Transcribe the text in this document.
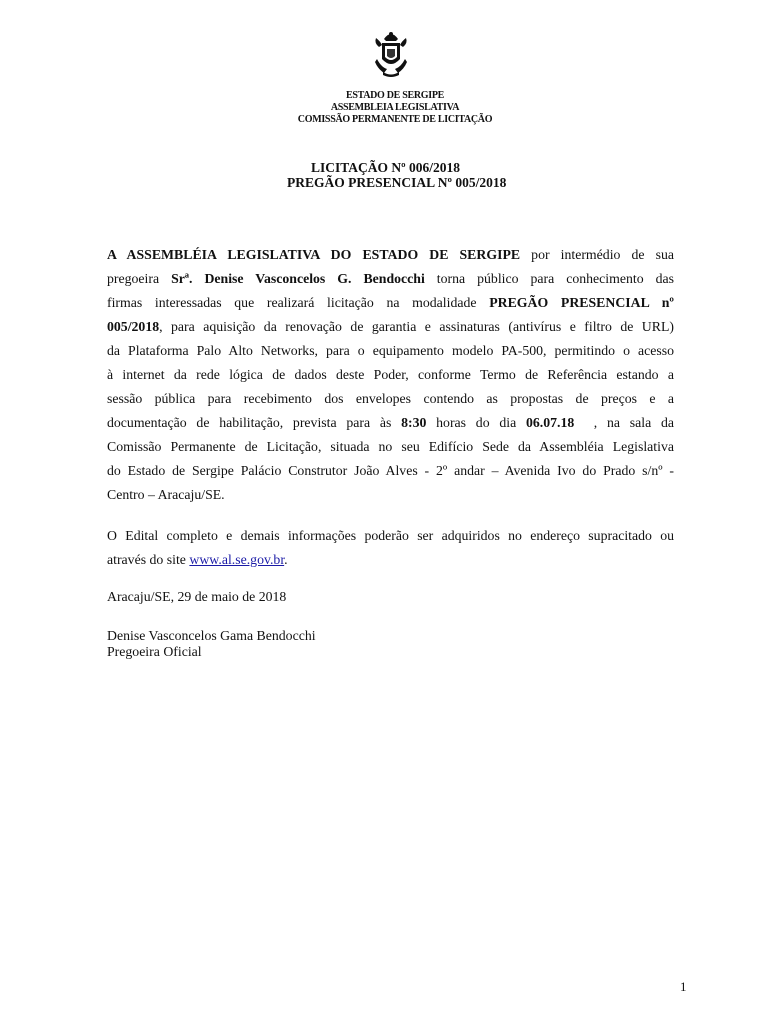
ESTADO DE SERGIPE
ASSEMBLEIA LEGISLATIVA
COMISSÃO PERMANENTE DE LICITAÇÃO
LICITAÇÃO Nº 006/2018
PREGÃO PRESENCIAL Nº 005/2018
A ASSEMBLÉIA LEGISLATIVA DO ESTADO DE SERGIPE por intermédio de sua
pregoeira Srª. Denise Vasconcelos G. Bendocchi torna público para conhecimento das
firmas interessadas que realizará licitação na modalidade PREGÃO PRESENCIAL nº
005/2018, para aquisição da renovação de garantia e assinaturas (antivírus e filtro de URL)
da Plataforma Palo Alto Networks, para o equipamento modelo PA-500, permitindo o acesso
à internet da rede lógica de dados deste Poder, conforme Termo de Referência estando a
sessão pública para recebimento dos envelopes contendo as propostas de preços e a
documentação de habilitação, prevista para às 8:30 horas do dia 06.07.18  , na sala da
Comissão Permanente de Licitação, situada no seu Edifício Sede da Assembléia Legislativa
do Estado de Sergipe Palácio Construtor João Alves - 2º andar – Avenida Ivo do Prado s/nº -
Centro – Aracaju/SE.
O Edital completo e demais informações poderão ser adquiridos no endereço supracitado ou
através do site www.al.se.gov.br.
Aracaju/SE, 29 de maio de 2018
Denise Vasconcelos Gama Bendocchi
Pregoeira Oficial
1
